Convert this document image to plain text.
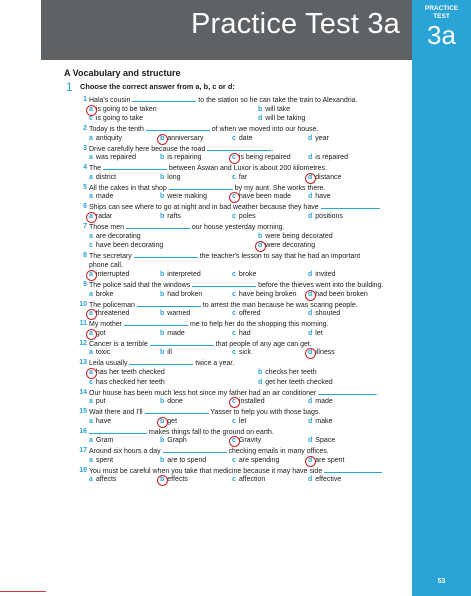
Practice Test 3a	PRACTICE
TEST
3a
53
A Vocabulary and structure
1 Choose the correct answer from a, b, c or d:
1 Hala's cousin	to the station so he can take the train to Alexandria.
a is going to be taken	b will take
c is going to take	d will be taking
2 Today is the tenth	of when we moved into our house.
a antiquity	b anniversary	c date	d year
3 Drive carefully here because the road	.
a was repaired	b is repairing	c is being repaired d is repaired
4 The	between Aswan and Luxor is about 200 kilometres.
a district	b long	c far	d distance
5 All the cakes in that shop	by my aunt. She works there.
a made	b were making	c have been made d have
6 Ships can see where to go at night and in bad weather because they have	.
a radar	b rafts	c poles	d positions
7 Those men	our house yesterday morning.
a are decorating	b were being decorated
c have been decorating	d were decorating
8 The secretary	the teacher's lesson to say that he had an important
phone call.
a interrupted	b interpreted	c broke	d invited
9 The police said that the windows	before the thieves went into the building.
a broke	b had broken	c have being broken d had been broken
10 The policeman	to arrest the man because he was scaring people.
a threatened	b warned	c offered	d shouted
11 My mother	me to help her do the shopping this morning.
a got	b made	c had	d let
12 Cancer is a terrible	that people of any age can get.
a toxic	b ill	c sick	d illness
13 Leila usually	twice a year.
a has her teeth checked	b checks her teeth
c has checked her teeth	d get her teeth checked
14 Our house has been much less hot since my father had an air conditioner	.
a put	b done	c installed	d made
15 Wait there and I'll	Yasser to help you with those bags.
a have	b get	c let	d make
16	makes things fall to the ground on earth.
a Gram	b Graph	c Gravity	d Space
17 Around six hours a day	checking emails in many offices.
a spent	b are to spend	c are spending	d are spent
18 You must be careful when you take that medicine because it may have side
a affects	b effects	c affection	d effective
